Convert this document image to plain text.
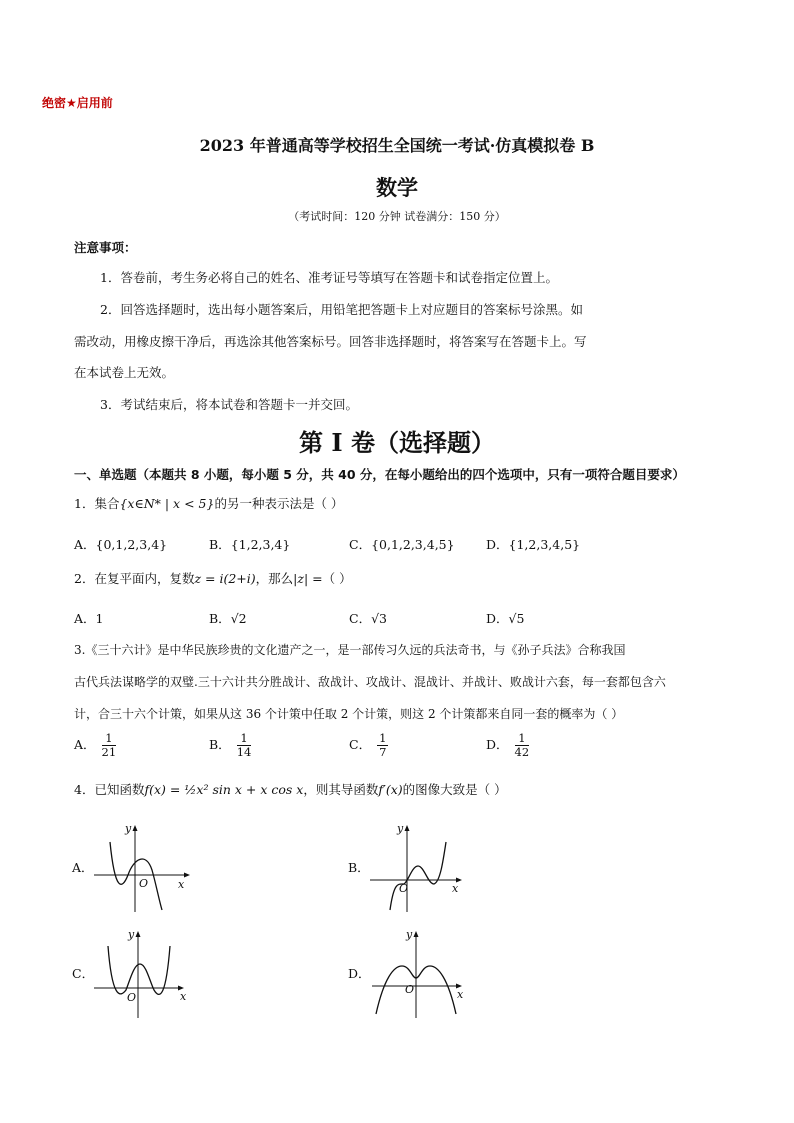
绝密★启用前
2023 年普通高等学校招生全国统一考试·仿真模拟卷 B
数学
（考试时间：120 分钟 试卷满分：150 分）
注意事项：
1．答卷前，考生务必将自己的姓名、准考证号等填写在答题卡和试卷指定位置上。
2．回答选择题时，选出每小题答案后，用铅笔把答题卡上对应题目的答案标号涂黑。如
需改动，用橡皮擦干净后，再选涂其他答案标号。回答非选择题时，将答案写在答题卡上。写
在本试卷上无效。
3．考试结束后，将本试卷和答题卡一并交回。
第 I 卷（选择题）
一、单选题（本题共 8 小题，每小题 5 分，共 40 分，在每小题给出的四个选项中，只有一项符合题目要求）
1．集合{x∈N* | x < 5}的另一种表示法是（ ）
A．{0,1,2,3,4}	B．{1,2,3,4}	C．{0,1,2,3,4,5}	D．{1,2,3,4,5}
2．在复平面内，复数z = i(2+i)，那么|z| =（ ）
A．1	B．√2	C．√3	D．√5
3.《三十六计》是中华民族珍贵的文化遗产之一，是一部传习久远的兵法奇书，与《孙子兵法》合称我国
古代兵法谋略学的双璧.三十六计共分胜战计、敌战计、攻战计、混战计、并战计、败战计六套，每一套都包含六
计，合三十六个计策，如果从这 36 个计策中任取 2 个计策，则这 2 个计策都来自同一套的概率为（ ）
A． $\frac{1}{21}$	B． $\frac{1}{14}$	C． $\frac{1}{7}$	D． $\frac{1}{42}$
4．已知函数f(x) = ½x² sin x + x cos x，则其导函数f′(x)的图像大致是（ ）
A．	B．
C．	D．
y
x
O
y
x
O
y
x
O
y
x
O
